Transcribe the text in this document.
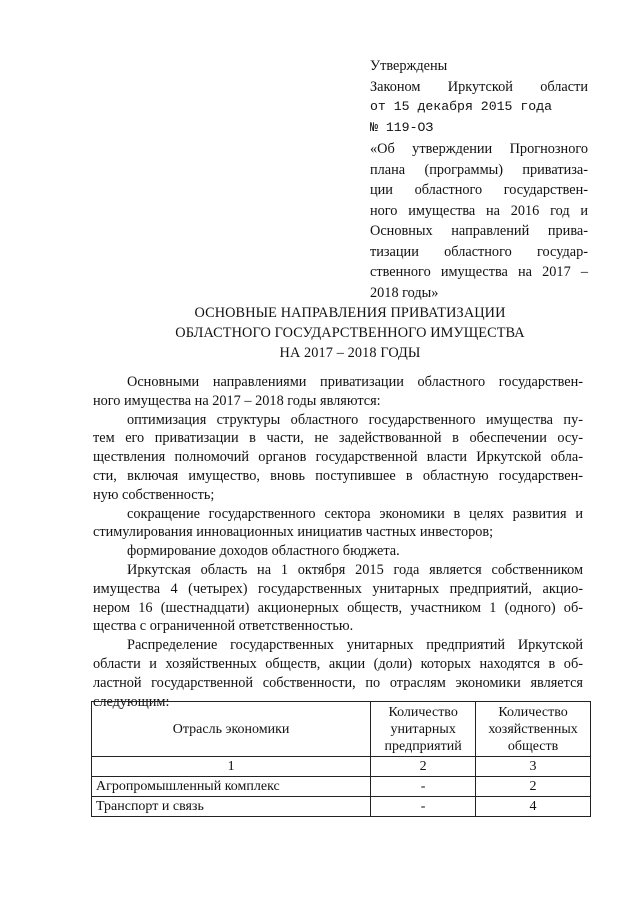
Утверждены
Законом Иркутской области
от 15 декабря 2015 года
№ 119-ОЗ
«Об утверждении Прогнозного
плана (программы) приватиза-
ции областного государствен-
ного имущества на 2016 год и
Основных направлений прива-
тизации областного государ-
ственного имущества на 2017 –
2018 годы»
ОСНОВНЫЕ НАПРАВЛЕНИЯ ПРИВАТИЗАЦИИ
ОБЛАСТНОГО ГОСУДАРСТВЕННОГО ИМУЩЕСТВА
НА 2017 – 2018 ГОДЫ
Основными направлениями приватизации областного государствен-
ного имущества на 2017 – 2018 годы являются:
оптимизация структуры областного государственного имущества пу-
тем его приватизации в части, не задействованной в обеспечении осу-
ществления полномочий органов государственной власти Иркутской обла-
сти, включая имущество, вновь поступившее в областную государствен-
ную собственность;
сокращение государственного сектора экономики в целях развития и
стимулирования инновационных инициатив частных инвесторов;
формирование доходов областного бюджета.
Иркутская область на 1 октября 2015 года является собственником
имущества 4 (четырех) государственных унитарных предприятий, акцио-
нером 16 (шестнадцати) акционерных обществ, участником 1 (одного) об-
щества с ограниченной ответственностью.
Распределение государственных унитарных предприятий Иркутской
области и хозяйственных обществ, акции (доли) которых находятся в об-
ластной государственной собственности, по отраслям экономики является
следующим:
Отрасль экономики	Количество унитарных предприятий	Количество хозяйственных обществ
1	2	3
Агропромышленный комплекс	-	2
Транспорт и связь	-	4
